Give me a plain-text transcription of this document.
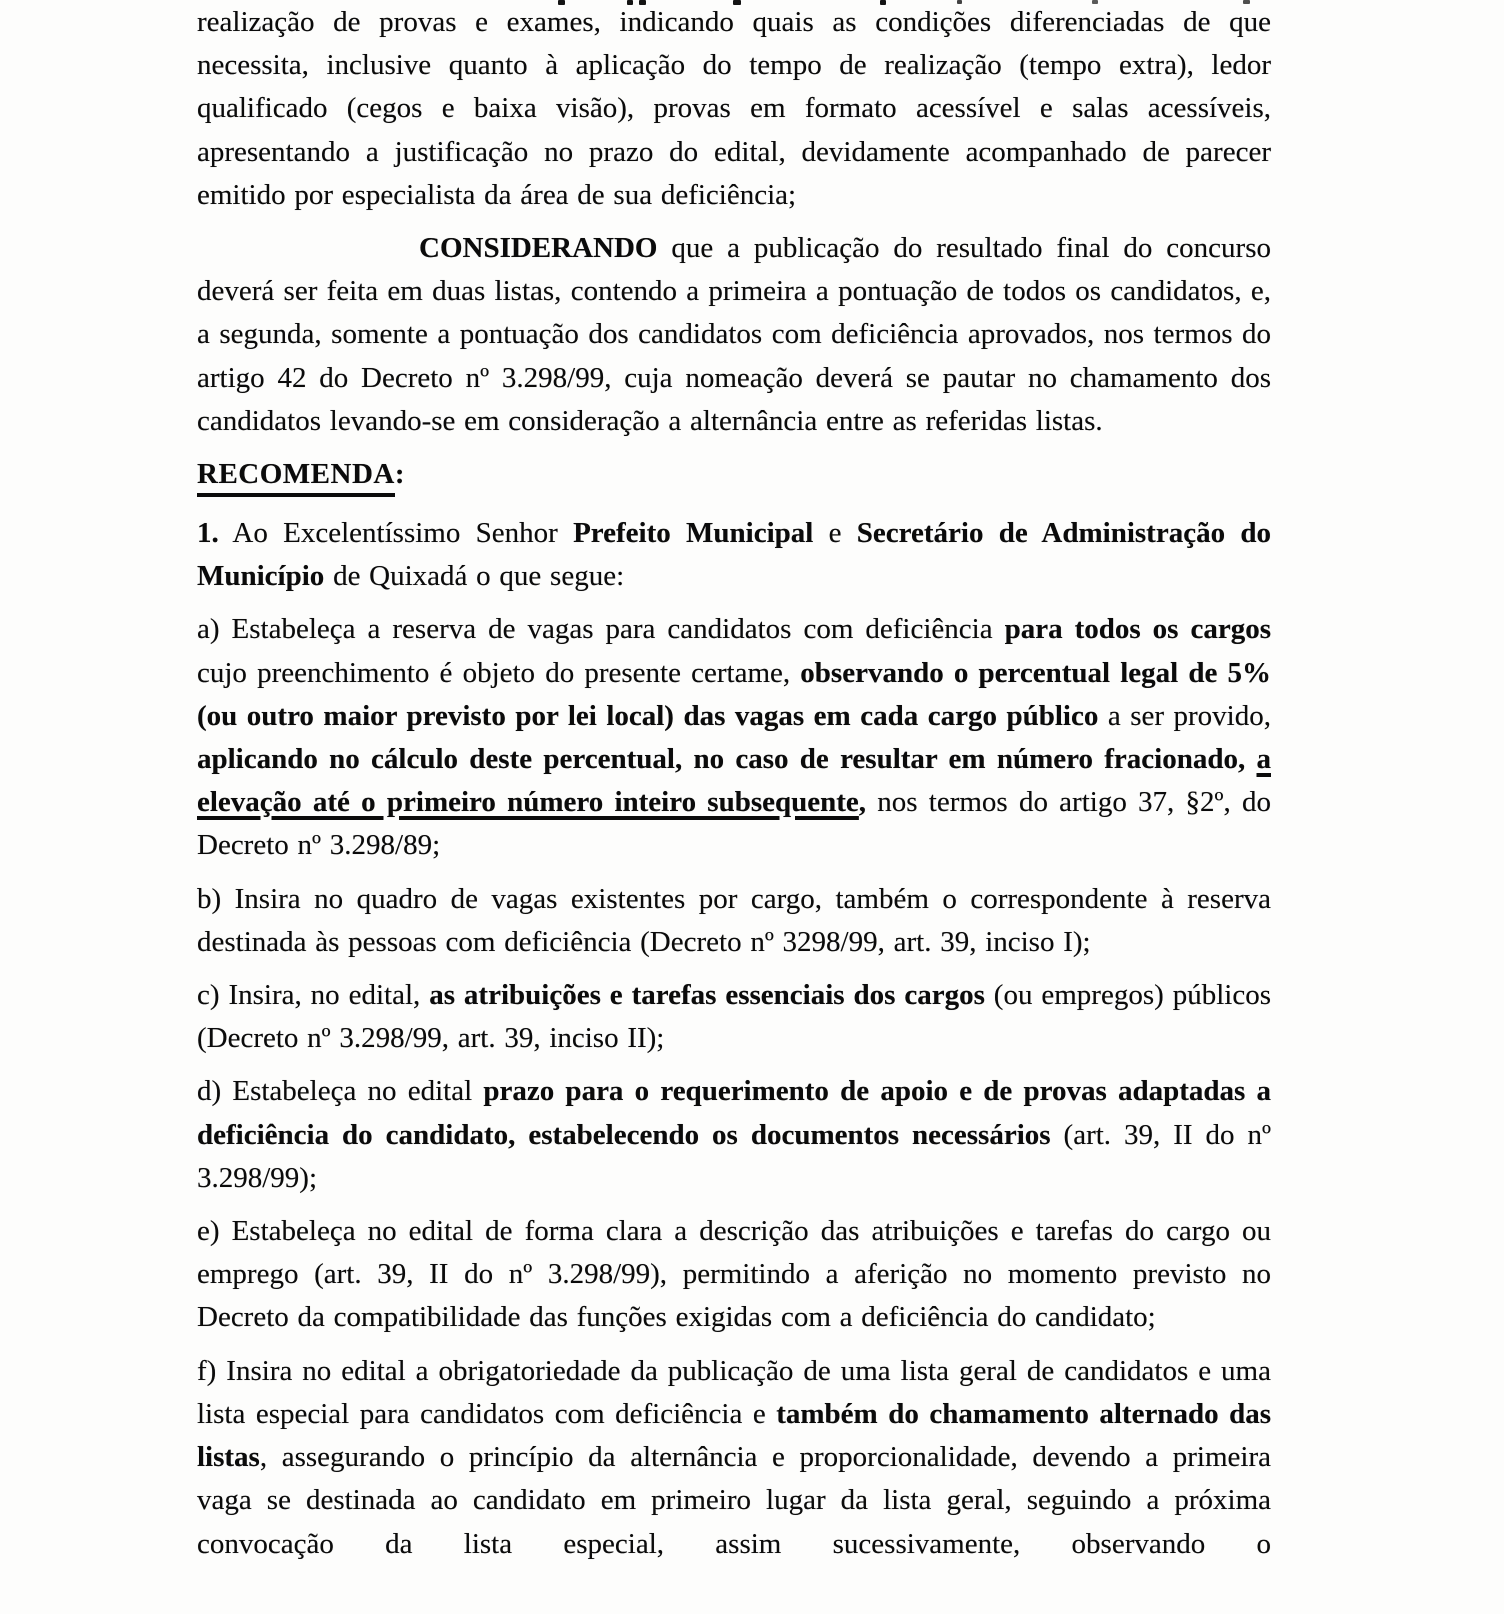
realização de provas e exames, indicando quais as condições diferenciadas de que necessita, inclusive quanto à aplicação do tempo de realização (tempo extra), ledor qualificado (cegos e baixa visão), provas em formato acessível e salas acessíveis, apresentando a justificação no prazo do edital, devidamente acompanhado de parecer emitido por especialista da área de sua deficiência;

CONSIDERANDO que a publicação do resultado final do concurso deverá ser feita em duas listas, contendo a primeira a pontuação de todos os candidatos, e, a segunda, somente a pontuação dos candidatos com deficiência aprovados, nos termos do artigo 42 do Decreto nº 3.298/99, cuja nomeação deverá se pautar no chamamento dos candidatos levando-se em consideração a alternância entre as referidas listas.

RECOMENDA:

1. Ao Excelentíssimo Senhor Prefeito Municipal e Secretário de Administração do Município de Quixadá o que segue:

a) Estabeleça a reserva de vagas para candidatos com deficiência para todos os cargos cujo preenchimento é objeto do presente certame, observando o percentual legal de 5% (ou outro maior previsto por lei local) das vagas em cada cargo público a ser provido, aplicando no cálculo deste percentual, no caso de resultar em número fracionado, a elevação até o primeiro número inteiro subsequente, nos termos do artigo 37, §2º, do Decreto nº 3.298/89;

b) Insira no quadro de vagas existentes por cargo, também o correspondente à reserva destinada às pessoas com deficiência (Decreto nº 3298/99, art. 39, inciso I);

c) Insira, no edital, as atribuições e tarefas essenciais dos cargos (ou empregos) públicos (Decreto nº 3.298/99, art. 39, inciso II);

d) Estabeleça no edital prazo para o requerimento de apoio e de provas adaptadas a deficiência do candidato, estabelecendo os documentos necessários (art. 39, II do nº 3.298/99);

e) Estabeleça no edital de forma clara a descrição das atribuições e tarefas do cargo ou emprego (art. 39, II do nº 3.298/99), permitindo a aferição no momento previsto no Decreto da compatibilidade das funções exigidas com a deficiência do candidato;

f) Insira no edital a obrigatoriedade da publicação de uma lista geral de candidatos e uma lista especial para candidatos com deficiência e também do chamamento alternado das listas, assegurando o princípio da alternância e proporcionalidade, devendo a primeira vaga se destinada ao candidato em primeiro lugar da lista geral, seguindo a próxima convocação da lista especial, assim sucessivamente, observando o
